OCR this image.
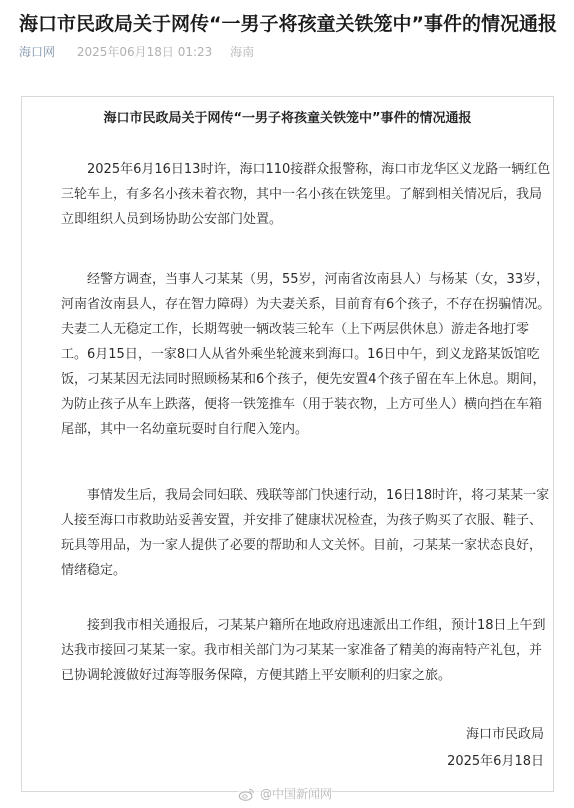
海口市民政局关于网传“一男子将孩童关铁笼中”事件的情况通报
海口网 2025年06月18日 01:23 海南
海口市民政局关于网传“一男子将孩童关铁笼中”事件的情况通报
2025年6月16日13时许，海口110接群众报警称，海口市龙华区义龙路一辆红色
三轮车上，有多名小孩未着衣物，其中一名小孩在铁笼里。了解到相关情况后，我局
立即组织人员到场协助公安部门处置。
经警方调查，当事人刁某某（男，55岁，河南省汝南县人）与杨某（女，33岁，
河南省汝南县人，存在智力障碍）为夫妻关系，目前育有6个孩子，不存在拐骗情况。
夫妻二人无稳定工作，长期驾驶一辆改装三轮车（上下两层供休息）游走各地打零
工。6月15日，一家8口人从省外乘坐轮渡来到海口。16日中午，到义龙路某饭馆吃
饭，刁某某因无法同时照顾杨某和6个孩子，便先安置4个孩子留在车上休息。期间，
为防止孩子从车上跌落，便将一铁笼推车（用于装衣物，上方可坐人）横向挡在车箱
尾部，其中一名幼童玩耍时自行爬入笼内。
事情发生后，我局会同妇联、残联等部门快速行动，16日18时许，将刁某某一家
人接至海口市救助站妥善安置，并安排了健康状况检查，为孩子购买了衣服、鞋子、
玩具等用品，为一家人提供了必要的帮助和人文关怀。目前，刁某某一家状态良好，
情绪稳定。
接到我市相关通报后，刁某某户籍所在地政府迅速派出工作组，预计18日上午到
达我市接回刁某某一家。我市相关部门为刁某某一家准备了精美的海南特产礼包，并
已协调轮渡做好过海等服务保障，方便其踏上平安顺利的归家之旅。
海口市民政局
2025年6月18日
@中国新闻网
